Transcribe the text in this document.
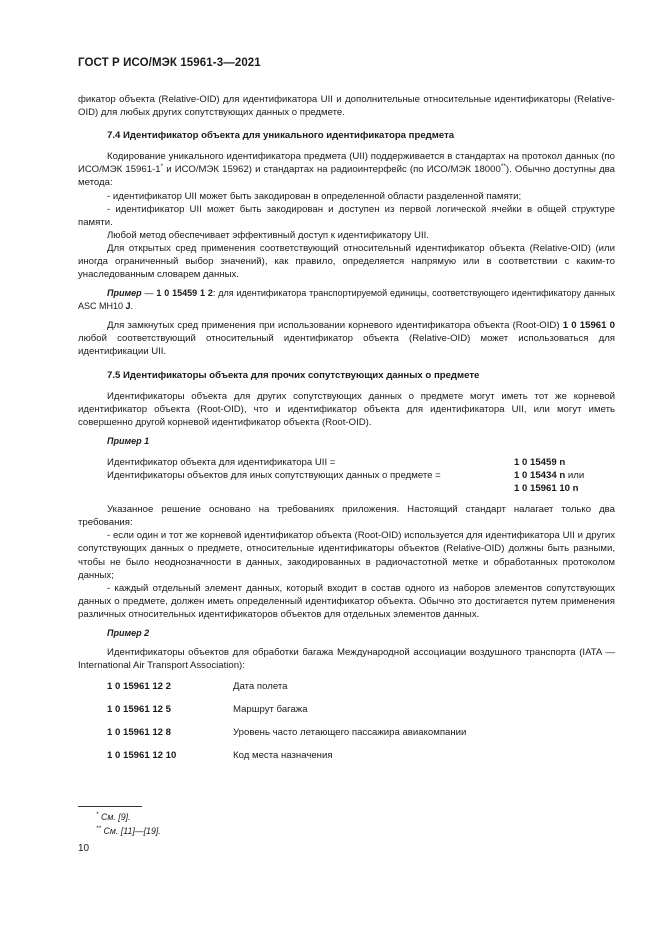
ГОСТ Р ИСО/МЭК 15961-3—2021

фикатор объекта (Relative-OID) для идентификатора UII и дополнительные относительные идентификаторы (Relative-OID) для любых других сопутствующих данных о предмете.

7.4 Идентификатор объекта для уникального идентификатора предмета

Кодирование уникального идентификатора предмета (UII) поддерживается в стандартах на протокол данных (по ИСО/МЭК 15961-1* и ИСО/МЭК 15962) и стандартах на радиоинтерфейс (по ИСО/МЭК 18000**). Обычно доступны два метода:

- идентификатор UII может быть закодирован в определенной области разделенной памяти;

- идентификатор UII может быть закодирован и доступен из первой логической ячейки в общей структуре памяти.

Любой метод обеспечивает эффективный доступ к идентификатору UII.

Для открытых сред применения соответствующий относительный идентификатор объекта (Relative-OID) (или иногда ограниченный выбор значений), как правило, определяется напрямую или в соответствии с каким-то унаследованным словарем данных.

Пример — 1 0 15459 1 2: для идентификатора транспортируемой единицы, соответствующего идентификатору данных ASC MH10 J.

Для замкнутых сред применения при использовании корневого идентификатора объекта (Root-OID) 1 0 15961 0 любой соответствующий относительный идентификатор объекта (Relative-OID) может использоваться для идентификации UII.

7.5 Идентификаторы объекта для прочих сопутствующих данных о предмете

Идентификаторы объекта для других сопутствующих данных о предмете могут иметь тот же корневой идентификатор объекта (Root-OID), что и идентификатор объекта для идентификатора UII, или могут иметь совершенно другой корневой идентификатор объекта (Root-OID).

Пример 1

Идентификатор объекта для идентификатора UII =	1 0 15459 n
Идентификаторы объектов для иных сопутствующих данных о предмете =	1 0 15434 n или
1 0 15961 10 n

Указанное решение основано на требованиях приложения. Настоящий стандарт налагает только два требования:

- если один и тот же корневой идентификатор объекта (Root-OID) используется для идентификатора UII и других сопутствующих данных о предмете, относительные идентификаторы объектов (Relative-OID) должны быть разными, чтобы не было неоднозначности в данных, закодированных в радиочастотной метке и обработанных протоколом данных;

- каждый отдельный элемент данных, который входит в состав одного из наборов элементов сопутствующих данных о предмете, должен иметь определенный идентификатор объекта. Обычно это достигается путем применения различных относительных идентификаторов объектов для отдельных элементов данных.

Пример 2

Идентификаторы объектов для обработки багажа Международной ассоциации воздушного транспорта (IATA — International Air Transport Association):

1 0 15961 12 2	Дата полета
1 0 15961 12 5	Маршрут багажа
1 0 15961 12 8	Уровень часто летающего пассажира авиакомпании
1 0 15961 12 10	Код места назначения
* См. [9].
** См. [11]—[19].
10
